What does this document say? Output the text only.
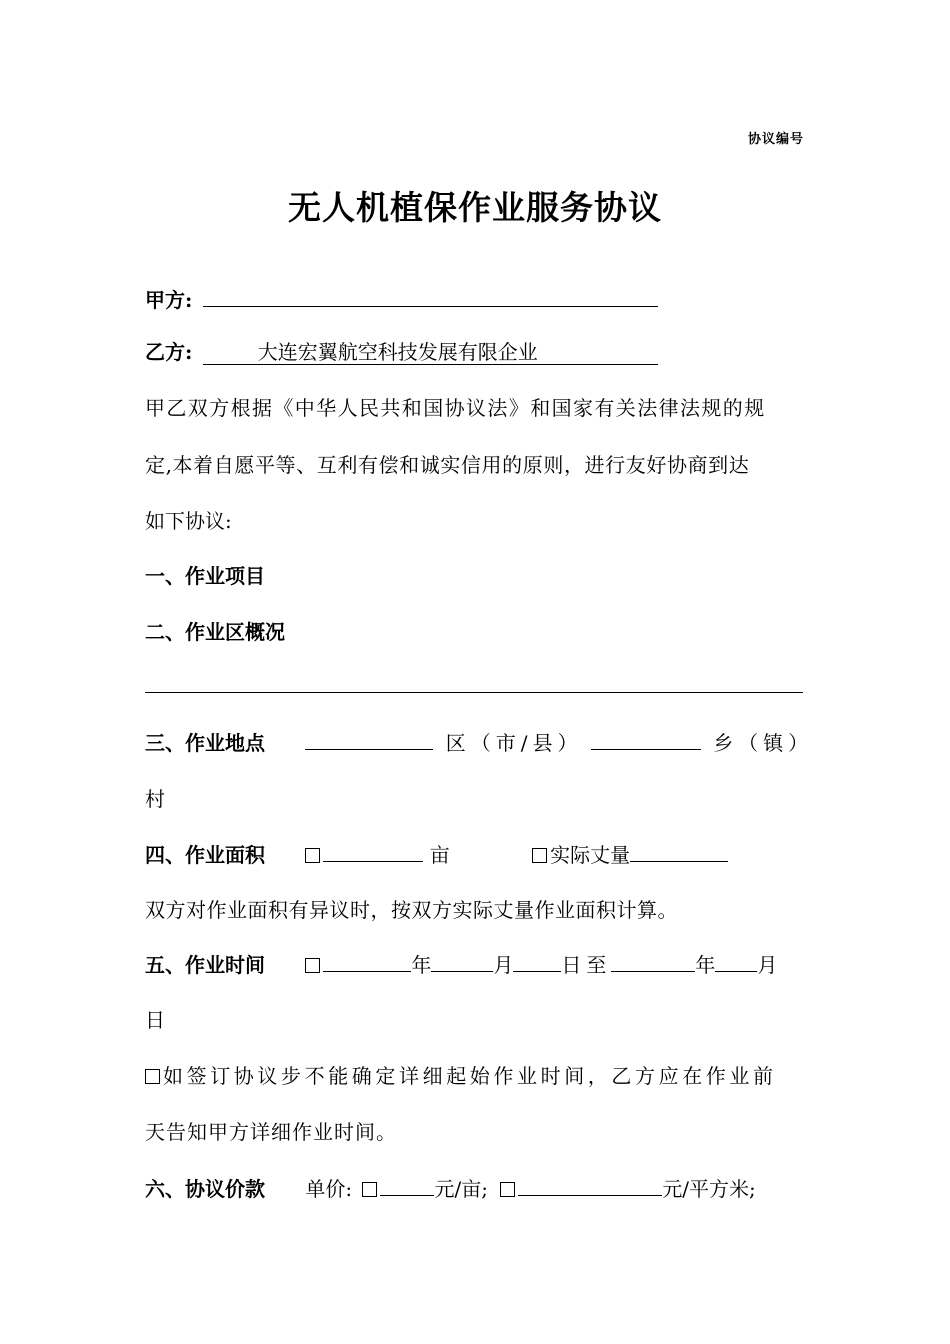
协议编号
无人机植保作业服务协议
甲方:
乙方:	大连宏翼航空科技发展有限企业
甲乙双方根据《中华人民共和国协议法》和国家有关法律法规的规
定,本着自愿平等、互利有偿和诚实信用的原则，进行友好协商到达
如下协议:
一、作业项目
二、作业区概况
三、作业地点	区（市/县）	乡（镇）
村
四、作业面积	亩	实际丈量
双方对作业面积有异议时，按双方实际丈量作业面积计算。
五、作业时间	年	月 日至	年 月
日
如签订协议步不能确定详细起始作业时间，乙方应在作业前
天告知甲方详细作业时间。
六、协议价款 单价:	元/亩;	元/平方米;
